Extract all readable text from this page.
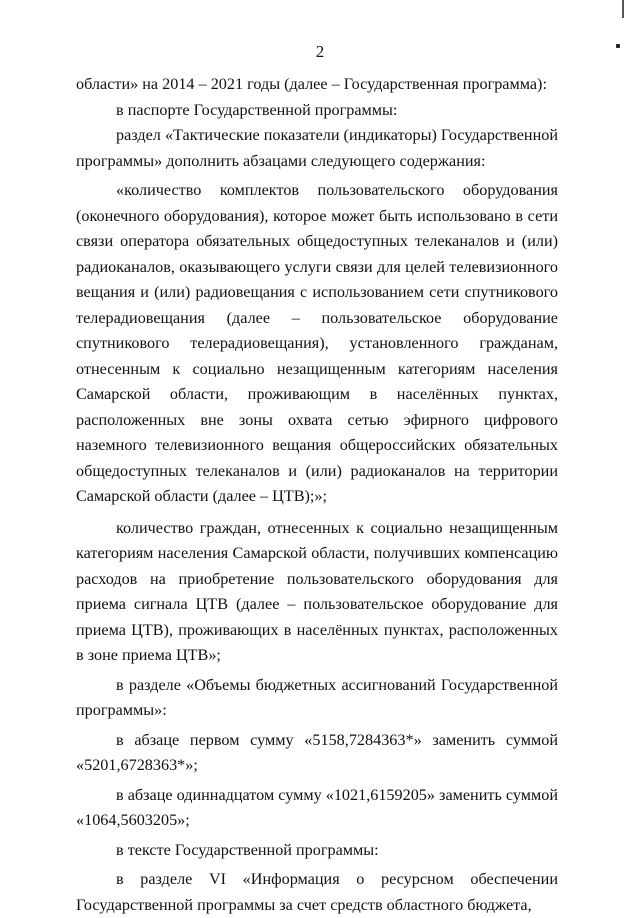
2

области» на 2014 – 2021 годы (далее – Государственная программа):

в паспорте Государственной программы:

раздел «Тактические показатели (индикаторы) Государственной программы» дополнить абзацами следующего содержания:

«количество комплектов пользовательского оборудования (оконечного оборудования), которое может быть использовано в сети связи оператора обязательных общедоступных телеканалов и (или) радиоканалов, оказывающего услуги связи для целей телевизионного вещания и (или) радиовещания с использованием сети спутникового телерадиовещания (далее – пользовательское оборудование спутникового телерадиовещания), установленного гражданам, отнесенным к социально незащищенным категориям населения Самарской области, проживающим в населённых пунктах, расположенных вне зоны охвата сетью эфирного цифрового наземного телевизионного вещания общероссийских обязательных общедоступных телеканалов и (или) радиоканалов на территории Самарской области (далее – ЦТВ);»;

количество граждан, отнесенных к социально незащищенным категориям населения Самарской области, получивших компенсацию расходов на приобретение пользовательского оборудования для приема сигнала ЦТВ (далее – пользовательское оборудование для приема ЦТВ), проживающих в населённых пунктах, расположенных в зоне приема ЦТВ»;

в разделе «Объемы бюджетных ассигнований Государственной программы»:

в абзаце первом сумму «5158,7284363*» заменить суммой «5201,6728363*»;

в абзаце одиннадцатом сумму «1021,6159205» заменить суммой «1064,5603205»;

в тексте Государственной программы:

в разделе VI «Информация о ресурсном обеспечении Государственной программы за счет средств областного бюджета,
